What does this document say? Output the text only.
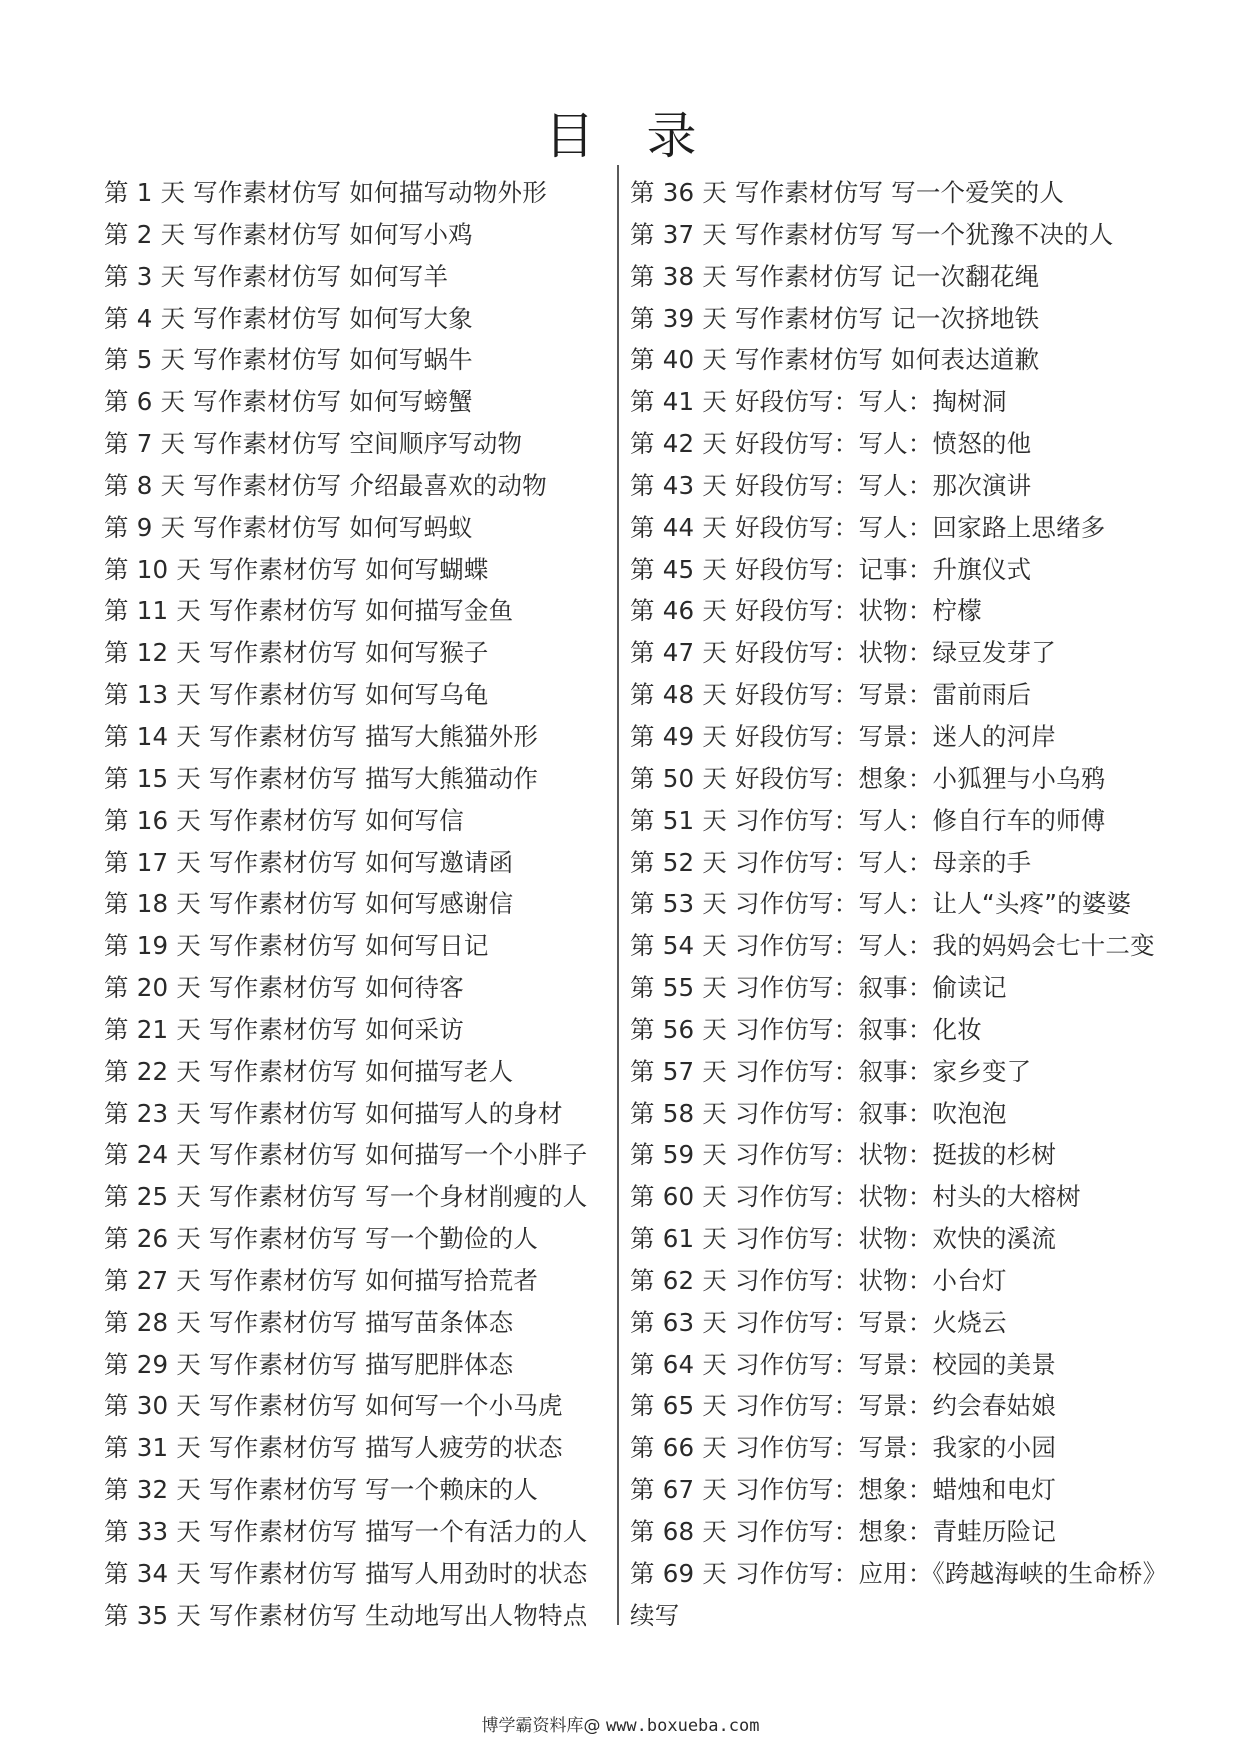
目 录
第 1 天 写作素材仿写 如何描写动物外形
第 2 天 写作素材仿写 如何写小鸡
第 3 天 写作素材仿写 如何写羊
第 4 天 写作素材仿写 如何写大象
第 5 天 写作素材仿写 如何写蜗牛
第 6 天 写作素材仿写 如何写螃蟹
第 7 天 写作素材仿写 空间顺序写动物
第 8 天 写作素材仿写 介绍最喜欢的动物
第 9 天 写作素材仿写 如何写蚂蚁
第 10 天 写作素材仿写 如何写蝴蝶
第 11 天 写作素材仿写 如何描写金鱼
第 12 天 写作素材仿写 如何写猴子
第 13 天 写作素材仿写 如何写乌龟
第 14 天 写作素材仿写 描写大熊猫外形
第 15 天 写作素材仿写 描写大熊猫动作
第 16 天 写作素材仿写 如何写信
第 17 天 写作素材仿写 如何写邀请函
第 18 天 写作素材仿写 如何写感谢信
第 19 天 写作素材仿写 如何写日记
第 20 天 写作素材仿写 如何待客
第 21 天 写作素材仿写 如何采访
第 22 天 写作素材仿写 如何描写老人
第 23 天 写作素材仿写 如何描写人的身材
第 24 天 写作素材仿写 如何描写一个小胖子
第 25 天 写作素材仿写 写一个身材削瘦的人
第 26 天 写作素材仿写 写一个勤俭的人
第 27 天 写作素材仿写 如何描写拾荒者
第 28 天 写作素材仿写 描写苗条体态
第 29 天 写作素材仿写 描写肥胖体态
第 30 天 写作素材仿写 如何写一个小马虎
第 31 天 写作素材仿写 描写人疲劳的状态
第 32 天 写作素材仿写 写一个赖床的人
第 33 天 写作素材仿写 描写一个有活力的人
第 34 天 写作素材仿写 描写人用劲时的状态
第 35 天 写作素材仿写 生动地写出人物特点
第 36 天 写作素材仿写 写一个爱笑的人
第 37 天 写作素材仿写 写一个犹豫不决的人
第 38 天 写作素材仿写 记一次翻花绳
第 39 天 写作素材仿写 记一次挤地铁
第 40 天 写作素材仿写 如何表达道歉
第 41 天 好段仿写：写人：掏树洞
第 42 天 好段仿写：写人：愤怒的他
第 43 天 好段仿写：写人：那次演讲
第 44 天 好段仿写：写人：回家路上思绪多
第 45 天 好段仿写：记事：升旗仪式
第 46 天 好段仿写：状物：柠檬
第 47 天 好段仿写：状物：绿豆发芽了
第 48 天 好段仿写：写景：雷前雨后
第 49 天 好段仿写：写景：迷人的河岸
第 50 天 好段仿写：想象：小狐狸与小乌鸦
第 51 天 习作仿写：写人：修自行车的师傅
第 52 天 习作仿写：写人：母亲的手
第 53 天 习作仿写：写人：让人“头疼”的婆婆
第 54 天 习作仿写：写人：我的妈妈会七十二变
第 55 天 习作仿写：叙事：偷读记
第 56 天 习作仿写：叙事：化妆
第 57 天 习作仿写：叙事：家乡变了
第 58 天 习作仿写：叙事：吹泡泡
第 59 天 习作仿写：状物：挺拔的杉树
第 60 天 习作仿写：状物：村头的大榕树
第 61 天 习作仿写：状物：欢快的溪流
第 62 天 习作仿写：状物：小台灯
第 63 天 习作仿写：写景：火烧云
第 64 天 习作仿写：写景：校园的美景
第 65 天 习作仿写：写景：约会春姑娘
第 66 天 习作仿写：写景：我家的小园
第 67 天 习作仿写：想象：蜡烛和电灯
第 68 天 习作仿写：想象：青蛙历险记
第 69 天 习作仿写：应用：《跨越海峡的生命桥》
续写
博学霸资料库@ www.boxueba.com
